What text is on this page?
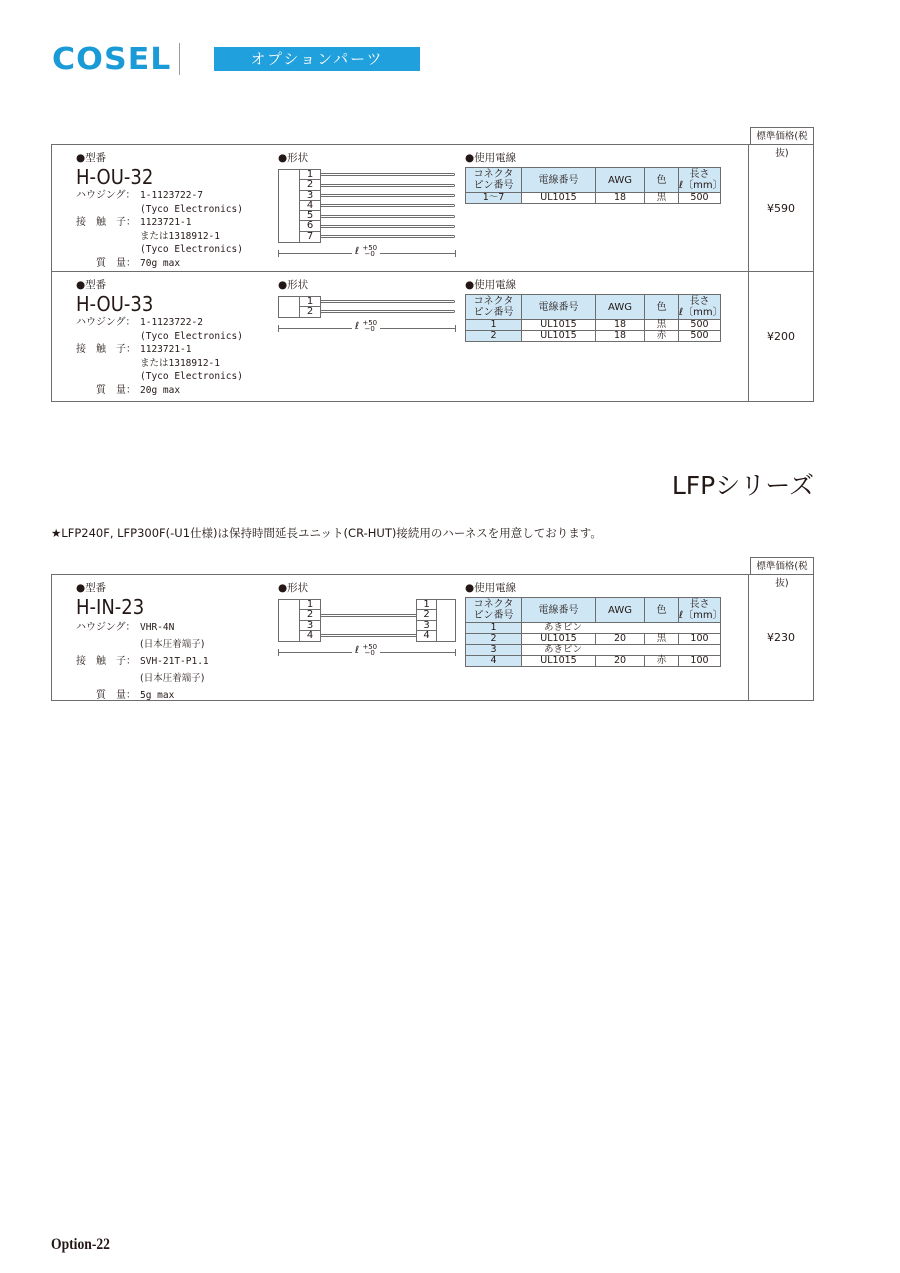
COSEL	オプションパーツ
標準価格(税抜)
●型番
H-OU-32
ハウジング： 1-1123722-7
(Tyco Electronics)
接　触　子： 1123721-1
または1318912-1
(Tyco Electronics)
質　量： 70g max
●形状
1
2
3
4
5
6
7
ℓ +50
−0
●使用電線
コネクタ
ピン番号	電線番号	AWG	色	長さ
ℓ〔mm〕
1～7	UL1015	18	黒	500
¥590
●型番
H-OU-33
ハウジング： 1-1123722-2
(Tyco Electronics)
接　触　子： 1123721-1
または1318912-1
(Tyco Electronics)
質　量： 20g max
●形状
1
2
ℓ +50
−0
●使用電線
コネクタ
ピン番号	電線番号	AWG	色	長さ
ℓ〔mm〕
1	UL1015	18	黒	500
2	UL1015	18	赤	500	¥200
LFPシリーズ
★LFP240F, LFP300F(-U1仕様)は保持時間延長ユニット(CR-HUT)接続用のハーネスを用意しております。
標準価格(税抜)
●型番
H-IN-23
ハウジング： VHR-4N
(日本圧着端子)
接　触　子： SVH-21T-P1.1
(日本圧着端子)
質　量： 5g max
●形状
1
2
3
4
1
2
3
4
ℓ +50
−0
●使用電線
コネクタ
ピン番号	電線番号	AWG	色	長さ
ℓ〔mm〕
1	あきピン			
2	UL1015	20	黒	100
3	あきピン			
4	UL1015	20	赤	100
¥230
Option-22
